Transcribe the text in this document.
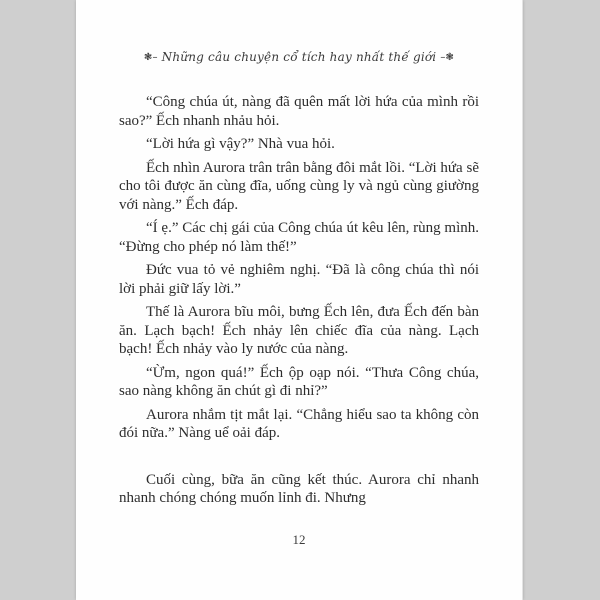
❃– Những câu chuyện cổ tích hay nhất thế giới –❃

“Công chúa út, nàng đã quên mất lời hứa của mình rồi sao?” Ếch nhanh nhảu hỏi.

“Lời hứa gì vậy?” Nhà vua hỏi.

Ếch nhìn Aurora trân trân bằng đôi mắt lồi. “Lời hứa sẽ cho tôi được ăn cùng đĩa, uống cùng ly và ngủ cùng giường với nàng.” Ếch đáp.

“Í ẹ.” Các chị gái của Công chúa út kêu lên, rùng mình. “Đừng cho phép nó làm thế!”

Đức vua tỏ vẻ nghiêm nghị. “Đã là công chúa thì nói lời phải giữ lấy lời.”

Thế là Aurora bĩu môi, bưng Ếch lên, đưa Ếch đến bàn ăn. Lạch bạch! Ếch nhảy lên chiếc đĩa của nàng. Lạch bạch! Ếch nhảy vào ly nước của nàng.

“Ừm, ngon quá!” Ếch ộp oạp nói. “Thưa Công chúa, sao nàng không ăn chút gì đi nhỉ?”

Aurora nhắm tịt mắt lại. “Chẳng hiểu sao ta không còn đói nữa.” Nàng uể oải đáp.

Cuối cùng, bữa ăn cũng kết thúc. Aurora chỉ nhanh nhanh chóng chóng muốn lỉnh đi. Nhưng

12
